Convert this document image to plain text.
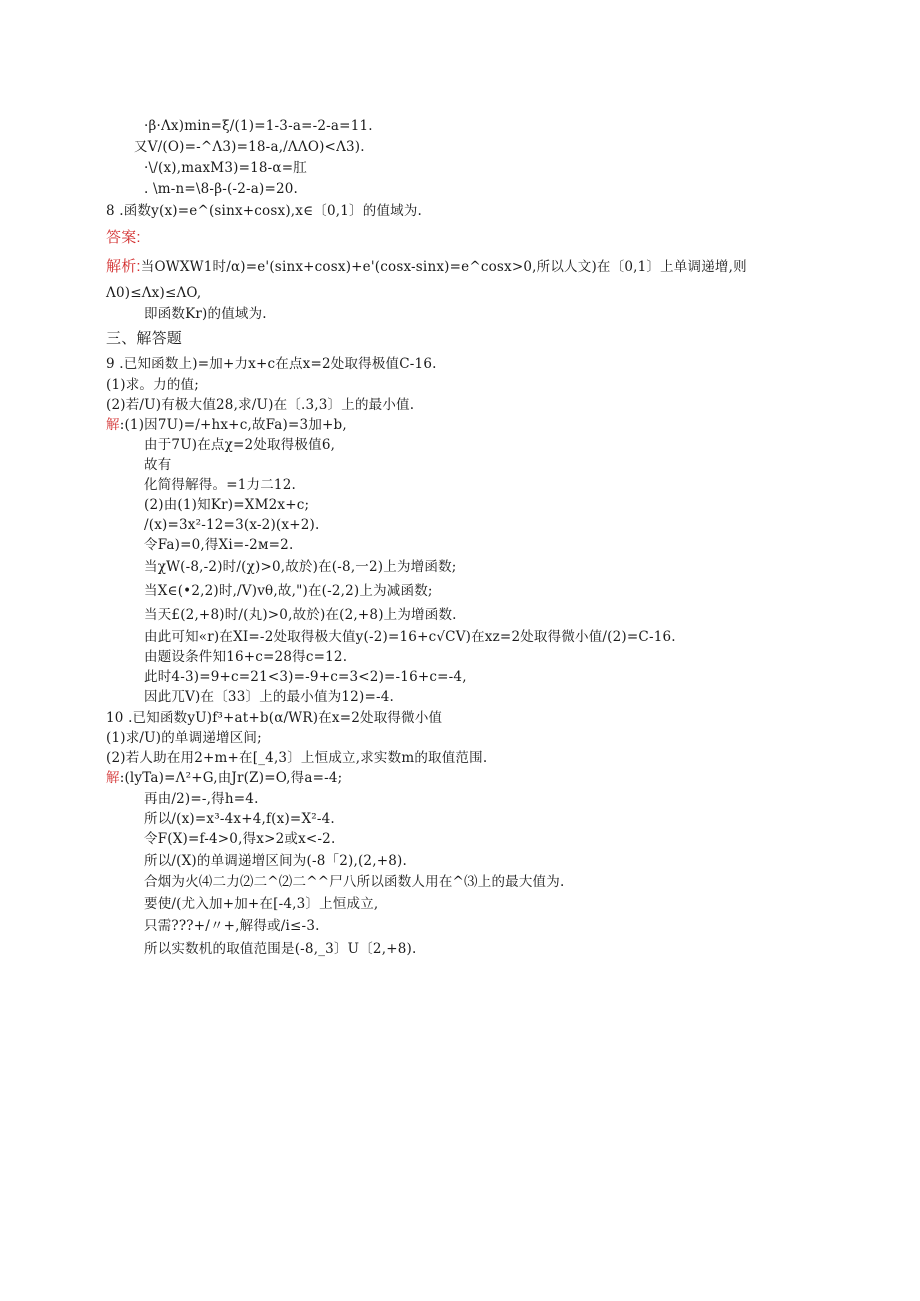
·β·Λx)min=ξ/(1)=1-3-a=-2-a=11.
又V/(O)=-^Λ3)=18-a,/ΛΛO)<Λ3).
·\/(x),maxM3)=18-α=肛
. \m-n=\8-β-(-2-a)=20.
8 .函数y(x)=e^(sinx+cosx),x∈〔0,1〕的值域为.
答案:
解析:当OWXW1时/α)=e'(sinx+cosx)+e'(cosx-sinx)=e^cosx>0,所以人文)在〔0,1〕上单调递增,则
Λ0)≤Λx)≤ΛO,
即函数Kr)的值域为.
三、解答题
9 .已知函数上)=加+力x+c在点x=2处取得极值C-16.
(1)求。力的值;
(2)若/U)有极大值28,求/U)在〔.3,3〕上的最小值.
解:(1)因7U)=/+hx+c,故Fa)=3加+b,
由于7U)在点χ=2处取得极值6,
故有
化简得解得。=1力二12.
(2)由(1)知Kr)=XM2x+c;
/(x)=3x²-12=3(x-2)(x+2).
令Fa)=0,得Xi=-2м=2.
当χW(-8,-2)时/(χ)>0,故於)在(-8,一2)上为增函数;
当X∈(•2,2)时,/V)vθ,故,")在(-2,2)上为减函数;
当天£(2,+8)时/(丸)>0,故於)在(2,+8)上为增函数.
由此可知«r)在XI=-2处取得极大值y(-2)=16+c√CV)在xz=2处取得微小值/(2)=C-16.
由题设条件知16+c=28得c=12.
此时4-3)=9+c=21<3)=-9+c=3<2)=-16+c=-4,
因此兀V)在〔33〕上的最小值为12)=-4.
10 .已知函数yU)f³+at+b(α/WR)在x=2处取得微小值
(1)求/U)的单调递增区间;
(2)若人助在用2+m+在[_4,3〕上恒成立,求实数m的取值范围.
解:(lyTa)=Λ²+G,由Jr(Z)=O,得a=-4;
再由/2)=-,得h=4.
所以/(x)=x³-4x+4,f(x)=X²-4.
令F(X)=f-4>0,得x>2或x<-2.
所以/(X)的单调递增区间为(-8「2),(2,+8).
合烟为火⑷二力⑵二^⑵二^^尸八所以函数人用在^⑶上的最大值为.
要使/(尤入加+加+在[-4,3〕上恒成立,
只需???+/〃+,解得或/i≤-3.
所以实数机的取值范围是(-8,_3〕U〔2,+8).
